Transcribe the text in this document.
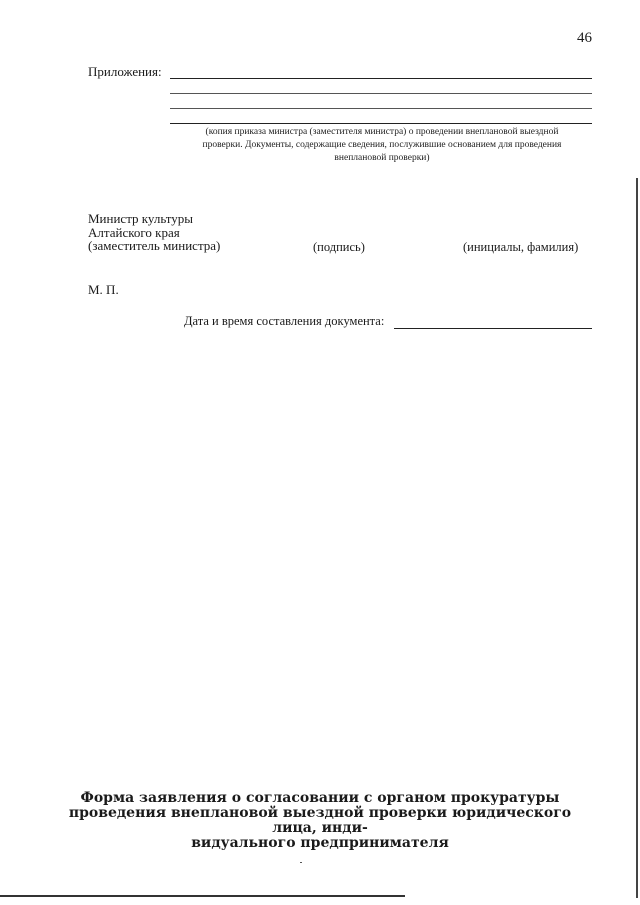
46
Приложения:
(копия приказа министра (заместителя министра) о проведении внеплановой выездной
проверки. Документы, содержащие сведения, послужившие основанием для проведения
внеплановой проверки)
Министр культуры
Алтайского края
(заместитель министра)	(подпись)	(инициалы, фамилия)
М. П.
Дата и время составления документа:
Форма заявления о согласовании с органом прокуратуры
проведения внеплановой выездной проверки юридического лица, инди-
видуального предпринимателя
